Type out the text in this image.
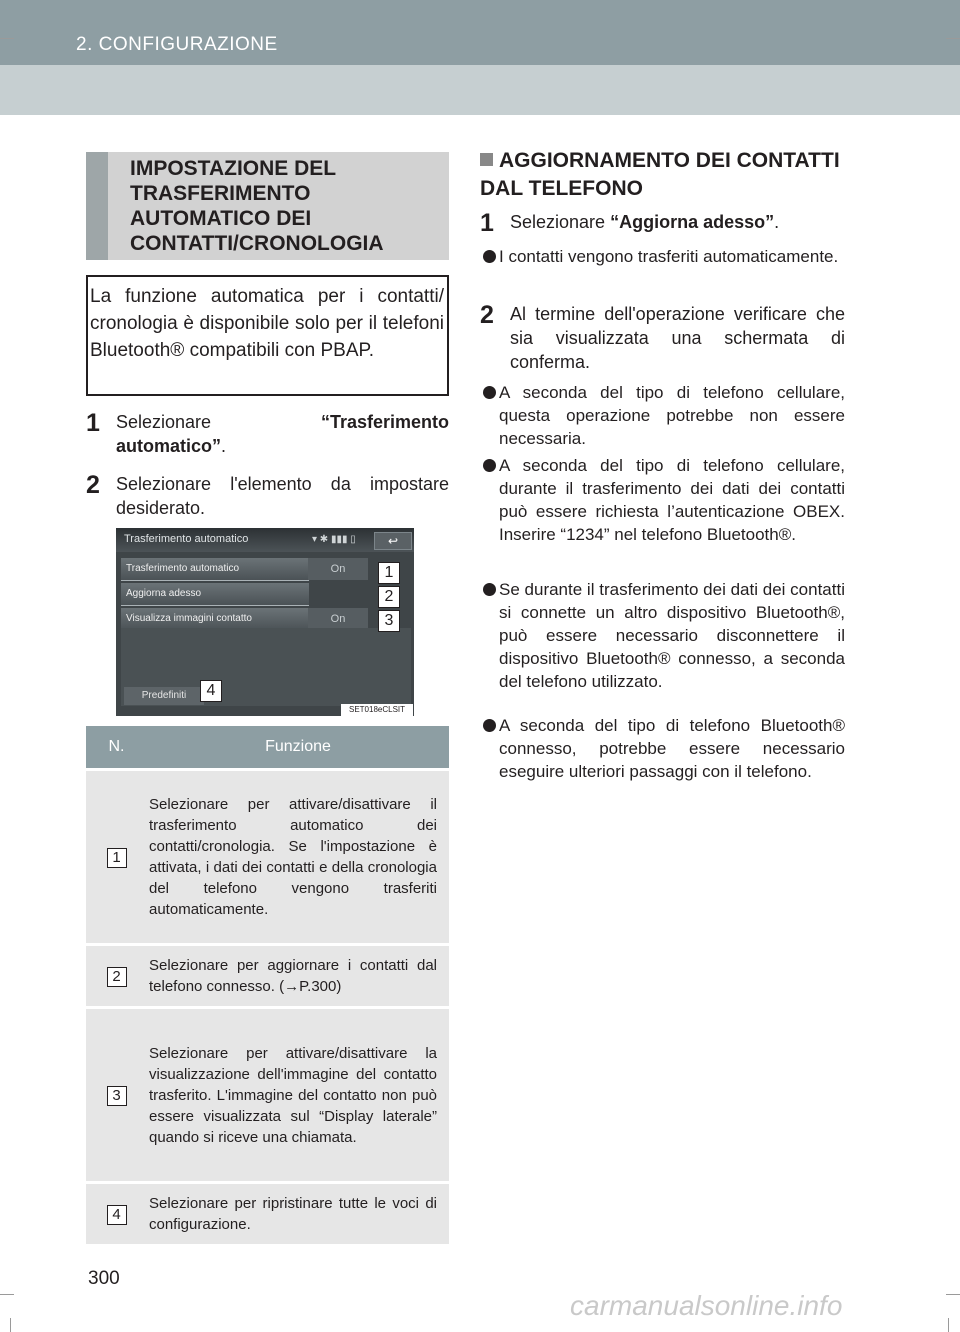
2. CONFIGURAZIONE
IMPOSTAZIONE DEL TRASFERIMENTO AUTOMATICO DEI CONTATTI/CRONOLOGIA
La funzione automatica per i contatti/ cronologia è disponibile solo per il telefoni Bluetooth® compatibili con PBAP.
1 Selezionare “Trasferimento automatico”.
2 Selezionare l'elemento da impostare desiderato.
Trasferimento automatico	↩
▾ ✱ ▮▮▮ ▯
Trasferimento automatico	On
Aggiorna adesso
Visualizza immagini contatto	On
Predefiniti
SET018eCLSIT
1
2
3
4
N.	Funzione

1	Selezionare per attivare/disattivare il trasferimento automatico dei contatti/cronologia. Se l'impostazione è attivata, i dati dei contatti e della cronologia del telefono vengono trasferiti automaticamente.

2	Selezionare per aggiornare i contatti dal telefono connesso. (→P.300)

3	Selezionare per attivare/disattivare la visualizzazione dell'immagine del contatto trasferito. L'immagine del contatto non può essere visualizzata sul “Display laterale” quando si riceve una chiamata.

4	Selezionare per ripristinare tutte le voci di configurazione.
AGGIORNAMENTO DEI CONTATTI DAL TELEFONO
1 Selezionare “Aggiorna adesso”.
I contatti vengono trasferiti automaticamente.
2 Al termine dell'operazione verificare che sia visualizzata una schermata di conferma.
A seconda del tipo di telefono cellulare, questa operazione potrebbe non essere necessaria.
A seconda del tipo di telefono cellulare, durante il trasferimento dei dati dei contatti può essere richiesta l’autenticazione OBEX. Inserire “1234” nel telefono Bluetooth®.
Se durante il trasferimento dei dati dei contatti si connette un altro dispositivo Bluetooth®, può essere necessario disconnettere il dispositivo Bluetooth® connesso, a seconda del telefono utilizzato.
A seconda del tipo di telefono Bluetooth® connesso, potrebbe essere necessario eseguire ulteriori passaggi con il telefono.
300
carmanualsonline.info
